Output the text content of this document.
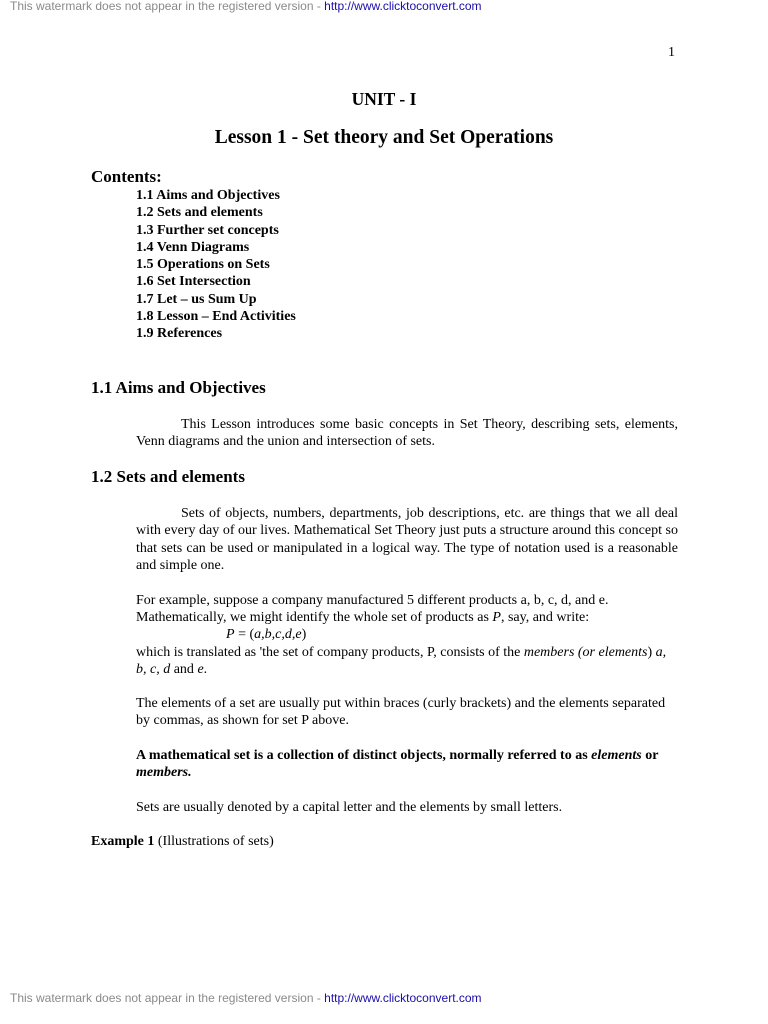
This watermark does not appear in the registered version - http://www.clicktoconvert.com
1
UNIT - I
Lesson 1 - Set theory and Set Operations
Contents:
1.1 Aims and Objectives
1.2 Sets and elements
1.3 Further set concepts
1.4 Venn Diagrams
1.5 Operations on Sets
1.6 Set Intersection
1.7 Let – us Sum Up
1.8 Lesson – End Activities
1.9 References
1.1 Aims and Objectives

This Lesson introduces some basic concepts in Set Theory, describing sets, elements, Venn diagrams and the union and intersection of sets.

1.2 Sets and elements

Sets of objects, numbers, departments, job descriptions, etc. are things that we all deal with every day of our lives. Mathematical Set Theory just puts a structure around this concept so that sets can be used or manipulated in a logical way. The type of notation used is a reasonable and simple one.

For example, suppose a company manufactured 5 different products a, b, c, d, and e.
Mathematically, we might identify the whole set of products as P, say, and write:

P = (a,b,c,d,e)

which is translated as 'the set of company products, P, consists of the members (or elements) a, b, c, d and e.

The elements of a set are usually put within braces (curly brackets) and the elements separated by commas, as shown for set P above.

A mathematical set is a collection of distinct objects, normally referred to as elements or members.

Sets are usually denoted by a capital letter and the elements by small letters.

Example 1 (Illustrations of sets)

This watermark does not appear in the registered version - http://www.clicktoconvert.com
